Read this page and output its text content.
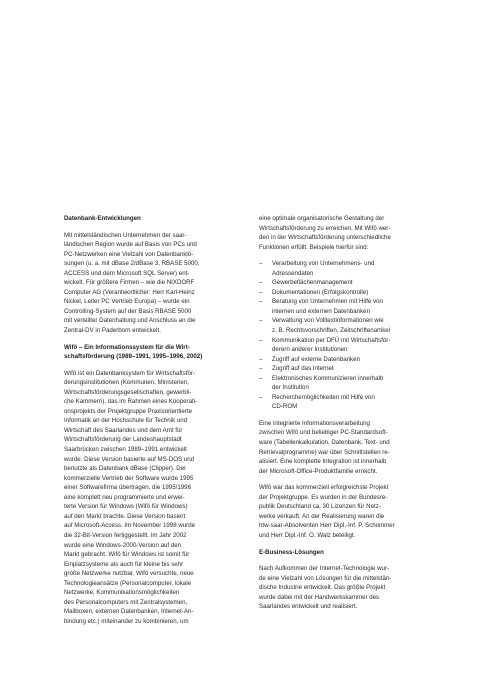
Datenbank-Entwicklungen

Mit mittelständischen Unternehmen der saar-
ländischen Region wurde auf Basis von PCs und
PC-Netzwerken eine Vielzahl von Datenbanklö-
sungen (u. a. mit dBase 2/dBase 3, RBASE 5000,
ACCESS und dem Microsoft SQL Server) ent-
wickelt. Für größere Firmen – wie die NIXDORF
Computer AG (Verantwortlicher: Herr Karl-Heinz
Nickel, Leiter PC Vertrieb Europa) – wurde ein
Controlling-System auf der Basis RBASE 5000
mit verteilter Datenhaltung und Anschluss an die
Zentral-DV in Paderborn entwickelt.

Wifö – Ein Informationssystem für die Wirt-
schaftsförderung (1989–1991, 1995–1996, 2002)

Wifö ist ein Datenbanksystem für Wirtschaftsför-
derungsinstitutionen (Kommunen, Ministerien,
Wirtschaftsförderungsgesellschaften, gewerbli-
che Kammern), das im Rahmen eines Kooperati-
onsprojekts der Projektgruppe Praxisorientierte
Informatik an der Hochschule für Technik und
Wirtschaft des Saarlandes und dem Amt für
Wirtschaftsförderung der Landeshauptstadt
Saarbrücken zwischen 1989–1991 entwickelt
wurde. Diese Version basierte auf MS-DOS und
benutzte als Datenbank dBase (Clipper). Der
kommerzielle Vertrieb der Software wurde 1995
einer Softwarefirma übertragen, die 1995/1996
eine komplett neu programmierte und erwei-
terte Version für Windows (Wifö für Windows)
auf den Markt brachte. Diese Version basiert
auf Microsoft-Access. Im November 1998 wurde
die 32-Bit-Version fertiggestellt. Im Jahr 2002
wurde eine Windows-2000-Version auf den
Markt gebracht. Wifö für Windows ist somit für
Einplatzsysteme als auch für kleine bis sehr
große Netzwerke nutzbar. Wifö versuchte, neue
Technologieansätze (Personalcomputer, lokale
Netzwerke, Kommunikationsmöglichkeiten
des Personalcomputers mit Zentralsystemen,
Mailboxen, externen Datenbanken, Internet-An-
bindung etc.) miteinander zu kombinieren, um

eine optimale organisatorische Gestaltung der
Wirtschaftsförderung zu erreichen. Mit Wifö wer-
den in der Wirtschaftsförderung unterschiedliche
Funktionen erfüllt. Beispiele hierfür sind:

– Verarbeitung von Unternehmens- und
Adressendaten
– Gewerbeflächenmanagement
– Dokumentationen (Erfolgskontrolle)
– Beratung von Unternehmen mit Hilfe von
internen und externen Datenbanken
– Verwaltung von Volltextinformationen wie
z. B. Rechtsvorschriften, Zeitschriftenartikel
– Kommunikation per DFÜ mit Wirtschaftsför-
derern anderer Institutionen
– Zugriff auf externe Datenbanken
– Zugriff auf das Internet
– Elektronisches Kommunizieren innerhalb
der Institution
– Recherchemöglichkeiten mit Hilfe von
CD-ROM

Eine integrierte Informationsverarbeitung
zwischen Wifö und beliebiger PC-Standardsoft-
ware (Tabellenkalkulation, Datenbank, Text- und
Retrievalprogramme) war über Schnittstellen re-
alisiert. Eine komplette Integration ist innerhalb
der Microsoft-Office-Produktfamilie erreicht.

Wifö war das kommerziell erfolgreichste Projekt
der Projektgruppe. Es wurden in der Bundesre-
publik Deutschland ca. 30 Lizenzen für Netz-
werke verkauft. An der Realisierung waren die
htw-saar-Absolventen Herr Dipl.-Inf. P. Schommer
und Herr Dipl.-Inf. O. Walz beteiligt.

E-Business-Lösungen

Nach Aufkommen der Internet-Technologie wur-
de eine Vielzahl von Lösungen für die mittelstän-
dische Industrie entwickelt. Das größte Projekt
wurde dabei mit der Handwerkskammer des
Saarlandes entwickelt und realisiert.
